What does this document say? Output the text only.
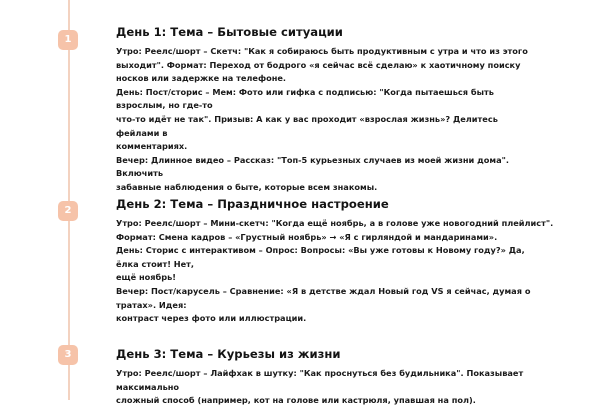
1
2
3
День 1: Тема – Бытовые ситуации
Утро: Реелс/шорт – Скетч: "Как я собираюсь быть продуктивным с утра и что из этого
выходит". Формат: Переход от бодрого «я сейчас всё сделаю» к хаотичному поиску
носков или задержке на телефоне.
День: Пост/сторис – Мем: Фото или гифка с подписью: "Когда пытаешься быть
взрослым, но где-то
что-то идёт не так". Призыв: А как у вас проходит «взрослая жизнь»? Делитесь
фейлами в
комментариях.
Вечер: Длинное видео – Рассказ: "Топ-5 курьезных случаев из моей жизни дома".
Включить
забавные наблюдения о быте, которые всем знакомы.
День 2: Тема – Праздничное настроение
Утро: Реелс/шорт – Мини-скетч: "Когда ещё ноябрь, а в голове уже новогодний плейлист".
Формат: Смена кадров – «Грустный ноябрь» → «Я с гирляндой и мандаринами».
День: Сторис с интерактивом – Опрос: Вопросы: «Вы уже готовы к Новому году?» Да,
ёлка стоит! Нет,
ещё ноябрь!
Вечер: Пост/карусель – Сравнение: «Я в детстве ждал Новый год VS я сейчас, думая о
тратах». Идея:
контраст через фото или иллюстрации.
День 3: Тема – Курьезы из жизни
Утро: Реелс/шорт – Лайфхак в шутку: "Как проснуться без будильника". Показывает
максимально
сложный способ (например, кот на голове или кастрюля, упавшая на пол).
